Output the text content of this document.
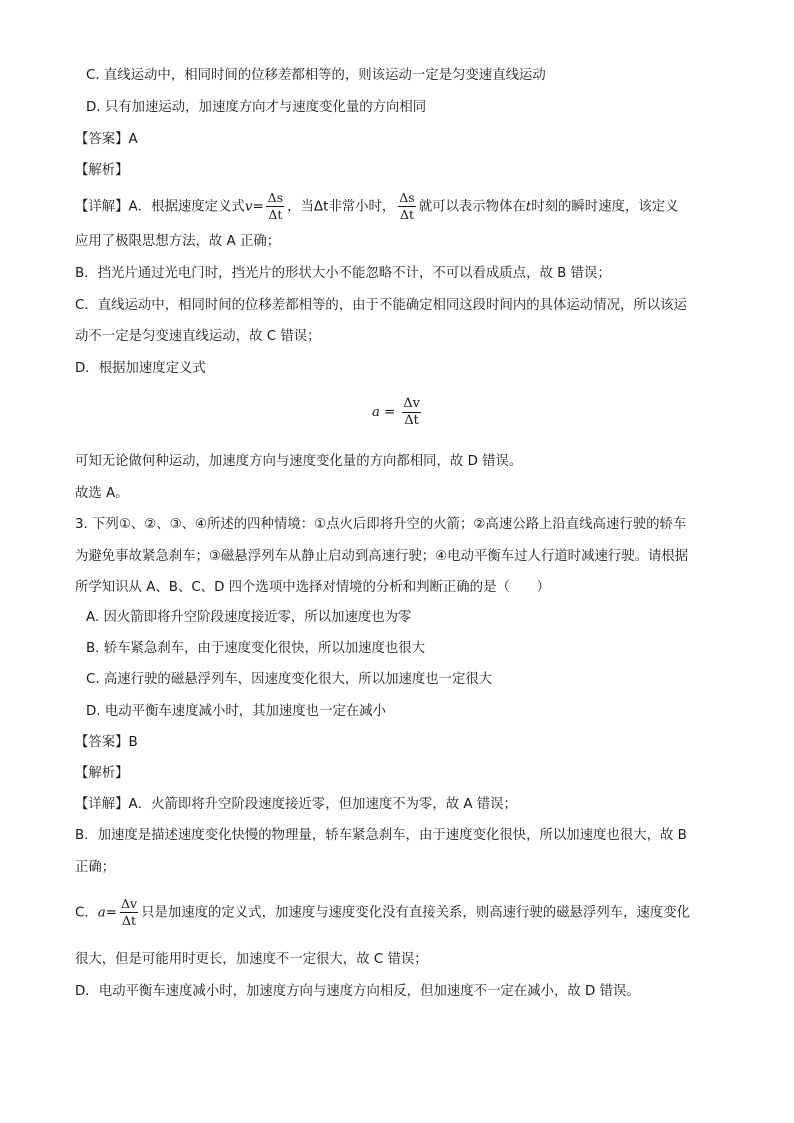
C. 直线运动中，相同时间的位移差都相等的，则该运动一定是匀变速直线运动
D. 只有加速运动，加速度方向才与速度变化量的方向相同
【答案】A
【解析】
【详解】A．根据速度定义式$v= \frac{\Delta s}{\Delta t}$ ，当Δt非常小时， $\frac{\Delta s}{\Delta t}$ 就可以表示物体在t时刻的瞬时速度，该定义
应用了极限思想方法，故 A 正确；
B．挡光片通过光电门时，挡光片的形状大小不能忽略不计，不可以看成质点，故 B 错误；
C．直线运动中，相同时间的位移差都相等的，由于不能确定相同这段时间内的具体运动情况，所以该运
动不一定是匀变速直线运动，故 C 错误；
D．根据加速度定义式
$a = \frac{\Delta v}{\Delta t}$
可知无论做何种运动，加速度方向与速度变化量的方向都相同，故 D 错误。
故选 A。
3. 下列①、②、③、④所述的四种情境：①点火后即将升空的火箭；②高速公路上沿直线高速行驶的轿车
为避免事故紧急刹车；③磁悬浮列车从静止启动到高速行驶；④电动平衡车过人行道时减速行驶。请根据
所学知识从 A、B、C、D 四个选项中选择对情境的分析和判断正确的是（　　）
A. 因火箭即将升空阶段速度接近零，所以加速度也为零
B. 轿车紧急刹车，由于速度变化很快，所以加速度也很大
C. 高速行驶的磁悬浮列车，因速度变化很大，所以加速度也一定很大
D. 电动平衡车速度减小时，其加速度也一定在减小
【答案】B
【解析】
【详解】A．火箭即将升空阶段速度接近零，但加速度不为零，故 A 错误；
B．加速度是描述速度变化快慢的物理量，轿车紧急刹车，由于速度变化很快，所以加速度也很大，故 B
正确；
C．$a= \frac{\Delta v}{\Delta t}$ 只是加速度的定义式，加速度与速度变化没有直接关系，则高速行驶的磁悬浮列车，速度变化
很大，但是可能用时更长，加速度不一定很大，故 C 错误；
D．电动平衡车速度减小时，加速度方向与速度方向相反，但加速度不一定在减小，故 D 错误。
